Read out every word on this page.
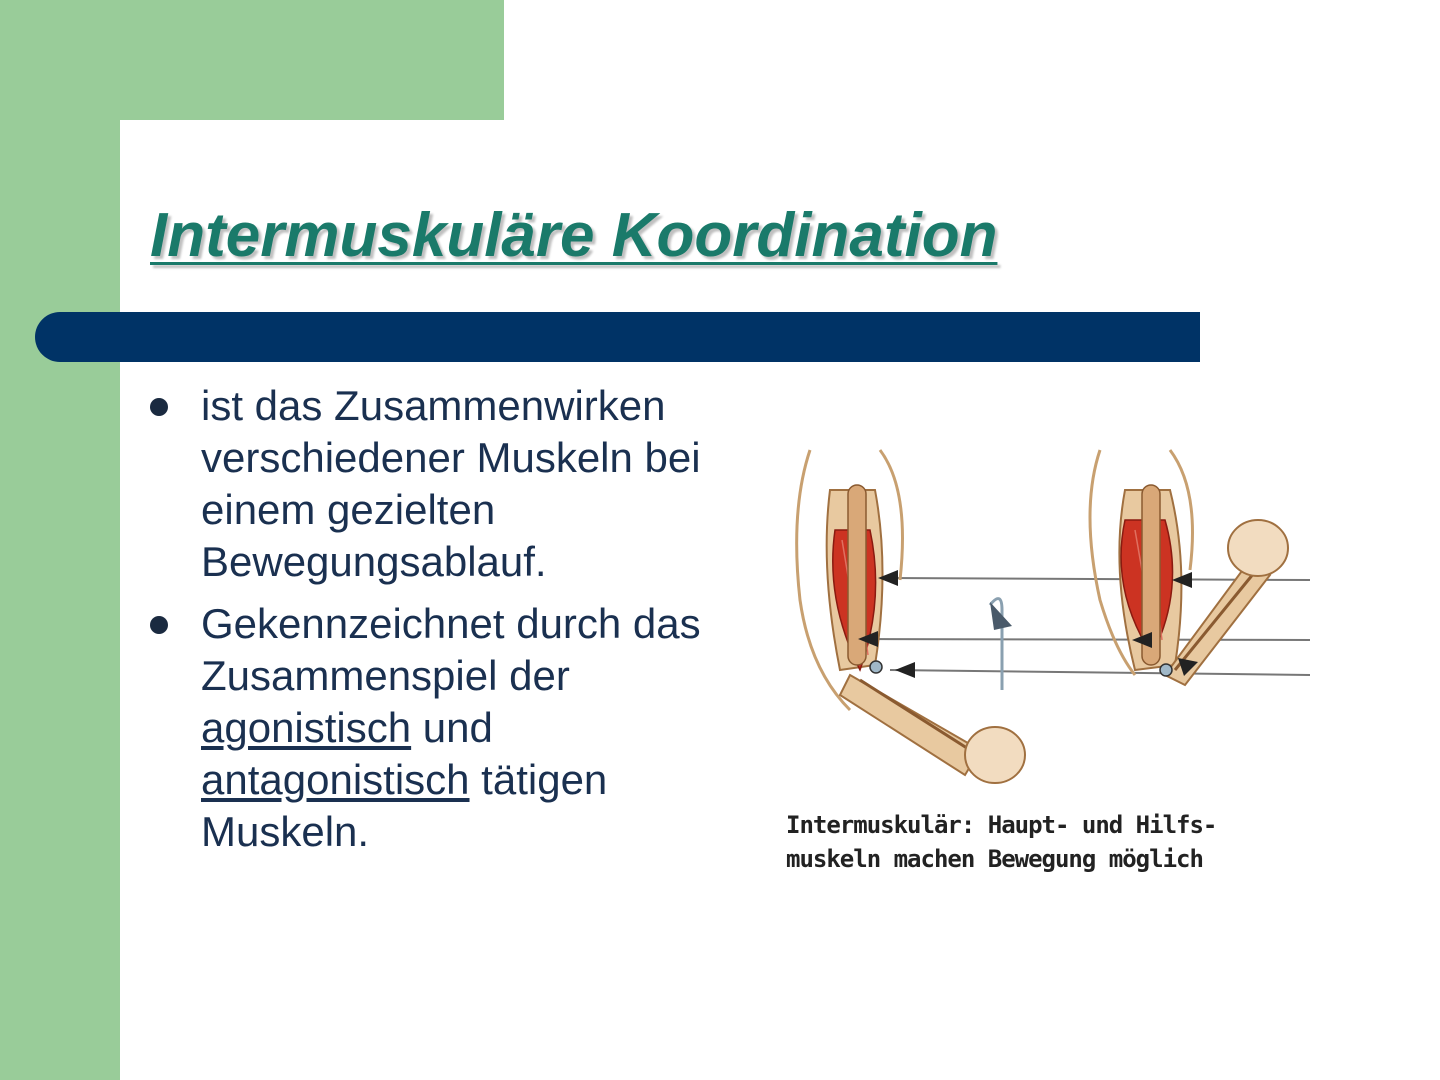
Intermuskuläre Koordination
ist das Zusammenwirken verschiedener Muskeln bei einem gezielten Bewegungsablauf.
Gekennzeichnet durch das Zusammenspiel der agonistisch und antagonistisch tätigen Muskeln.	Intermuskulär: Haupt- und Hilfs-
muskeln machen Bewegung möglich
